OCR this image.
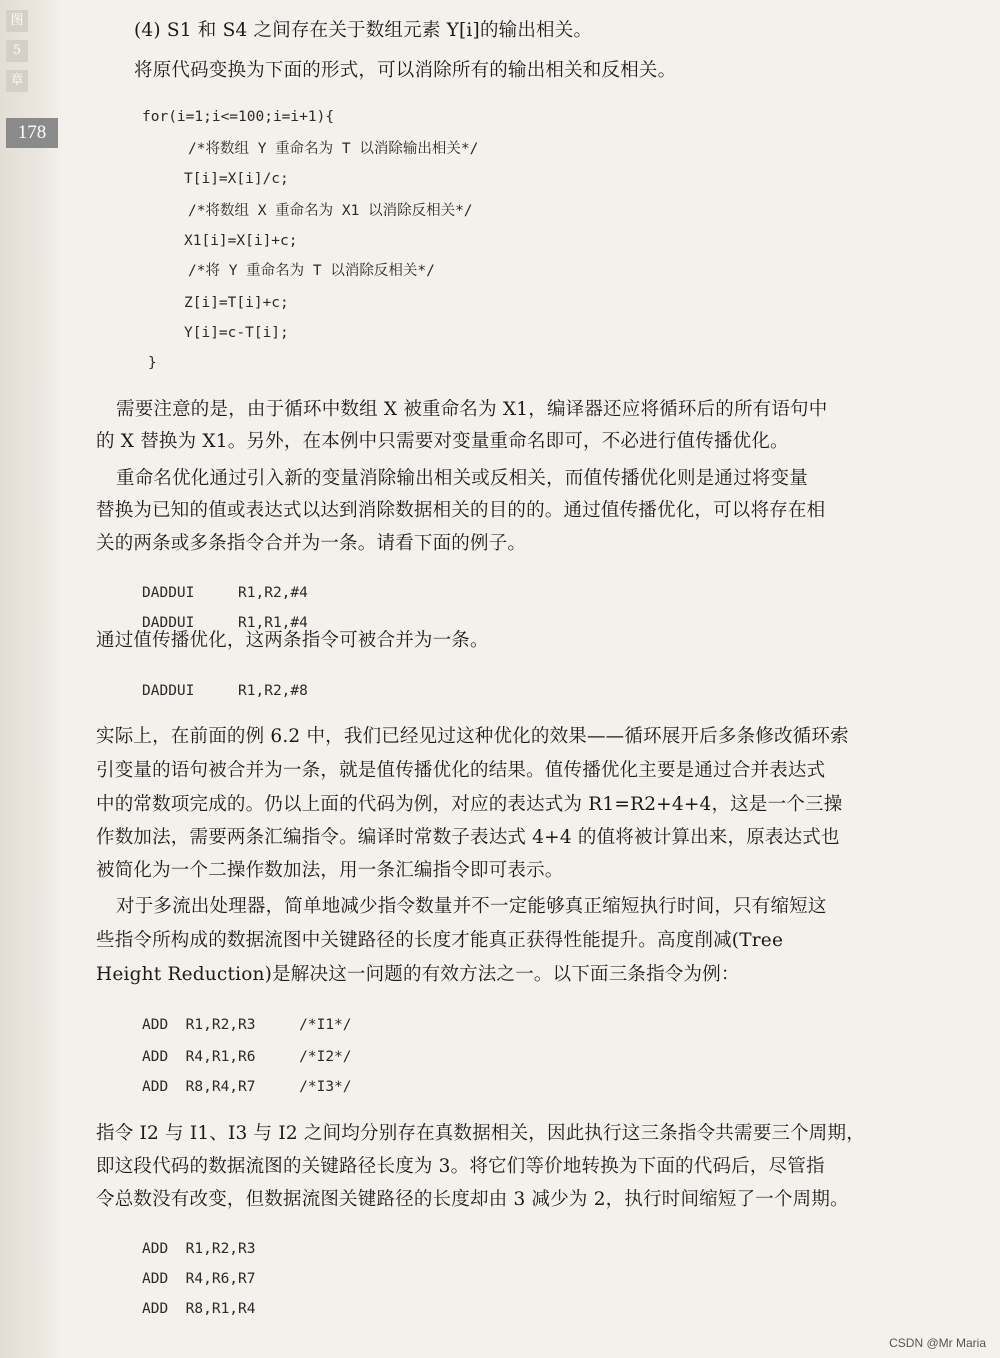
图
5
章
178
(4) S1 和 S4 之间存在关于数组元素 Y[i]的输出相关。
将原代码变换为下面的形式，可以消除所有的输出相关和反相关。
for(i=1;i<=100;i=i+1){
/*将数组 Y 重命名为 T 以消除输出相关*/
T[i]=X[i]/c;
/*将数组 X 重命名为 X1 以消除反相关*/
X1[i]=X[i]+c;
/*将 Y 重命名为 T 以消除反相关*/
Z[i]=T[i]+c;
Y[i]=c-T[i];
}
需要注意的是，由于循环中数组 X 被重命名为 X1，编译器还应将循环后的所有语句中
的 X 替换为 X1。另外，在本例中只需要对变量重命名即可，不必进行值传播优化。
重命名优化通过引入新的变量消除输出相关或反相关，而值传播优化则是通过将变量
替换为已知的值或表达式以达到消除数据相关的目的的。通过值传播优化，可以将存在相
关的两条或多条指令合并为一条。请看下面的例子。
DADDUI     R1,R2,#4
DADDUI     R1,R1,#4
通过值传播优化，这两条指令可被合并为一条。
DADDUI     R1,R2,#8
实际上，在前面的例 6.2 中，我们已经见过这种优化的效果——循环展开后多条修改循环索
引变量的语句被合并为一条，就是值传播优化的结果。值传播优化主要是通过合并表达式
中的常数项完成的。仍以上面的代码为例，对应的表达式为 R1=R2+4+4，这是一个三操
作数加法，需要两条汇编指令。编译时常数子表达式 4+4 的值将被计算出来，原表达式也
被简化为一个二操作数加法，用一条汇编指令即可表示。
对于多流出处理器，简单地减少指令数量并不一定能够真正缩短执行时间，只有缩短这
些指令所构成的数据流图中关键路径的长度才能真正获得性能提升。高度削减(Tree
Height Reduction)是解决这一问题的有效方法之一。以下面三条指令为例：
ADD  R1,R2,R3     /*I1*/
ADD  R4,R1,R6     /*I2*/
ADD  R8,R4,R7     /*I3*/
指令 I2 与 I1、I3 与 I2 之间均分别存在真数据相关，因此执行这三条指令共需要三个周期，
即这段代码的数据流图的关键路径长度为 3。将它们等价地转换为下面的代码后，尽管指
令总数没有改变，但数据流图关键路径的长度却由 3 减少为 2，执行时间缩短了一个周期。
ADD  R1,R2,R3
ADD  R4,R6,R7
ADD  R8,R1,R4
CSDN @Mr Maria
